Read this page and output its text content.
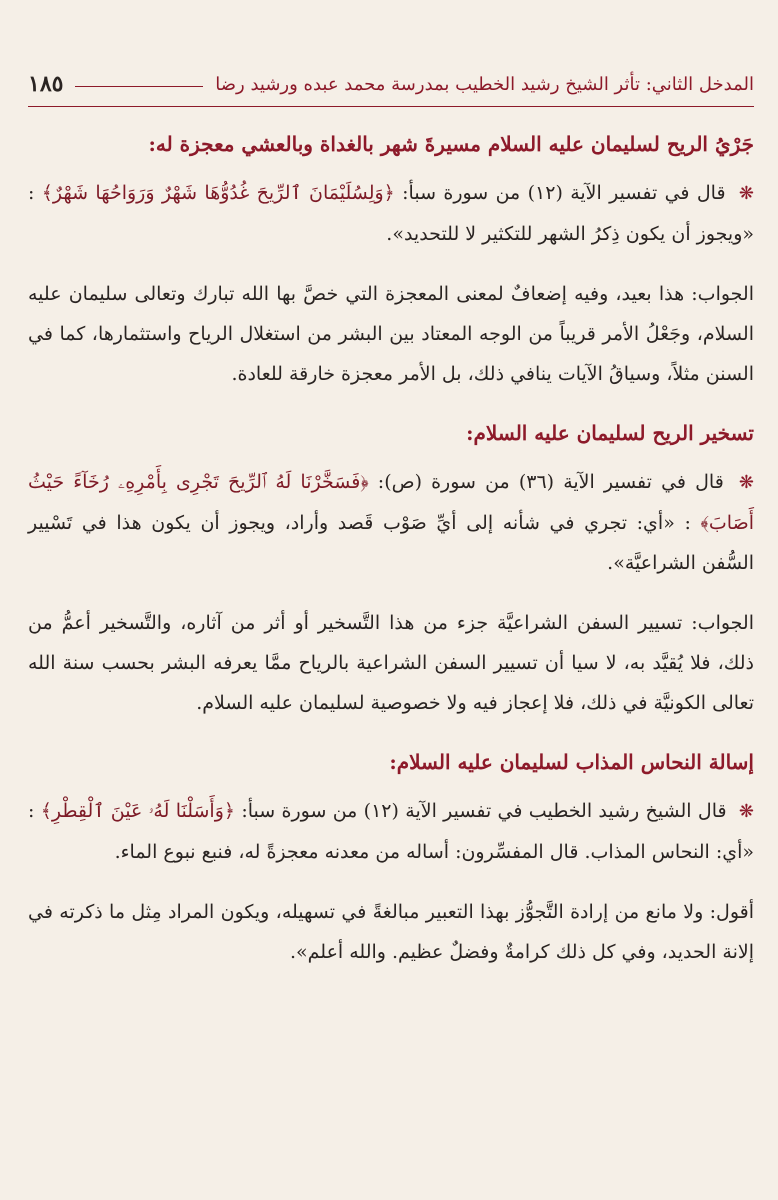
المدخل الثاني: تأثر الشيخ رشيد الخطيب بمدرسة محمد عبده ورشيد رضا
١٨٥

جَرْيُ الريح لسليمان عليه السلام مسيرةَ شهر بالغداة وبالعشي معجزة له:

❋ قال في تفسير الآية (١٢) من سورة سبأ: ﴿وَلِسُلَيْمَانَ ٱلرِّيحَ غُدُوُّهَا شَهْرٌ وَرَوَاحُهَا شَهْرٌ﴾ : «ويجوز أن يكون ذِكرُ الشهر للتكثير لا للتحديد».

الجواب: هذا بعيد، وفيه إضعافٌ لمعنى المعجزة التي خصَّ بها الله تبارك وتعالى سليمان عليه السلام، وجَعْلُ الأمر قريباً من الوجه المعتاد بين البشر من استغلال الرياح واستثمارها، كما في السنن مثلاً، وسياقُ الآيات ينافي ذلك، بل الأمر معجزة خارقة للعادة.

تسخير الريح لسليمان عليه السلام:

❋ قال في تفسير الآية (٣٦) من سورة (ص): ﴿فَسَخَّرْنَا لَهُ ٱلرِّيحَ تَجْرِى بِأَمْرِهِۦ رُخَآءً حَيْثُ أَصَابَ﴾ : «أي: تجري في شأنه إلى أيِّ صَوْب قَصد وأراد، ويجوز أن يكون هذا في تَسْيير السُّفن الشراعيَّة».

الجواب: تسيير السفن الشراعيَّة جزء من هذا التَّسخير أو أثر من آثاره، والتَّسخير أعمُّ من ذلك، فلا يُقيَّد به، لا سيا أن تسيير السفن الشراعية بالرياح ممَّا يعرفه البشر بحسب سنة الله تعالى الكونيَّة في ذلك، فلا إعجاز فيه ولا خصوصية لسليمان عليه السلام.

إسالة النحاس المذاب لسليمان عليه السلام:

❋ قال الشيخ رشيد الخطيب في تفسير الآية (١٢) من سورة سبأ: ﴿وَأَسَلْنَا لَهُۥ عَيْنَ ٱلْقِطْرِ﴾ : «أي: النحاس المذاب. قال المفسِّرون: أساله من معدنه معجزةً له، فنبع نبوع الماء.

أقول: ولا مانع من إرادة التَّجوُّز بهذا التعبير مبالغةً في تسهيله، ويكون المراد مِثل ما ذكرته في إلانة الحديد، وفي كل ذلك كرامةٌ وفضلٌ عظيم. والله أعلم».
